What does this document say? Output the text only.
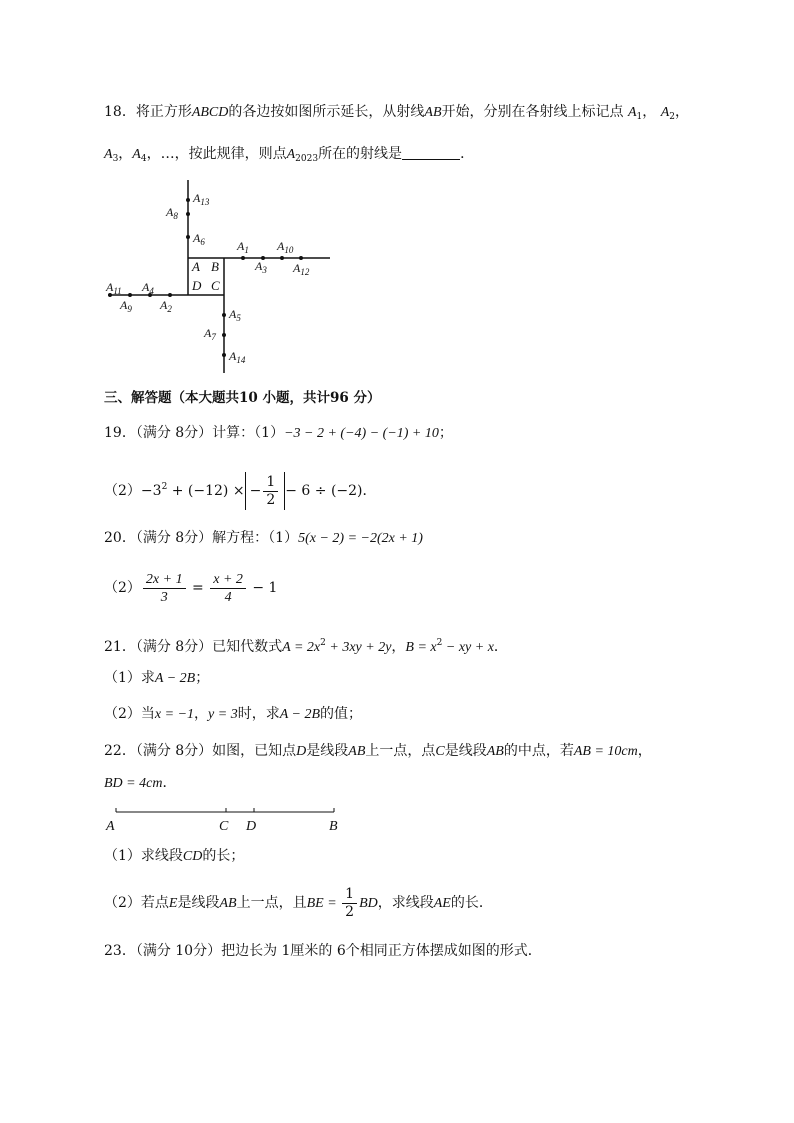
18．将正方形ABCD的各边按如图所示延长，从射线AB开始，分别在各射线上标记点 $A_1$， $A_2$，
$A_3$，$A_4$，…，按此规律，则点$A_{2023}$所在的射线是	．
$A_{13}$
$A_8$
$A_6$	$A_1$ $A_{10}$
$A_3$ $A_{12}$
A B
D C
$A_{11}$ $A_4$
$A_9$ $A_2$	$A_5$
$A_7$
$A_{14}$
三、解答题（本大题共10 小题，共计96 分）
19．（满分 8分）计算：（1）−3 − 2 + (−4) − (−1) + 10；
$(2)-3^2 + (-12)$ × − $\frac{1}{2} - 6 \div (-2)$．
20．（满分 8分）解方程：（1）5(x − 2) = −2(2x + 1)
$(2) \frac{2x + 1}{3} = \frac{x + 2}{4} - 1$
21．（满分 8分）已知代数式$A = 2x^2 + 3xy + 2y$，$B = x^2$ − xy + x．
（1）求A − 2B；
（2）当x = −1，y = 3时，求A − 2B的值；
22．（满分 8分）如图，已知点D是线段AB上一点，点C是线段AB的中点，若AB = 10cm，
BD = 4cm．
A	C D	B
（1）求线段CD的长；
（2）若点E是线段AB上一点，且BE = $\frac{1}{2}$ BD，求线段AE的长．
23．（满分 10分）把边长为 1厘米的 6个相同正方体摆成如图的形式．
